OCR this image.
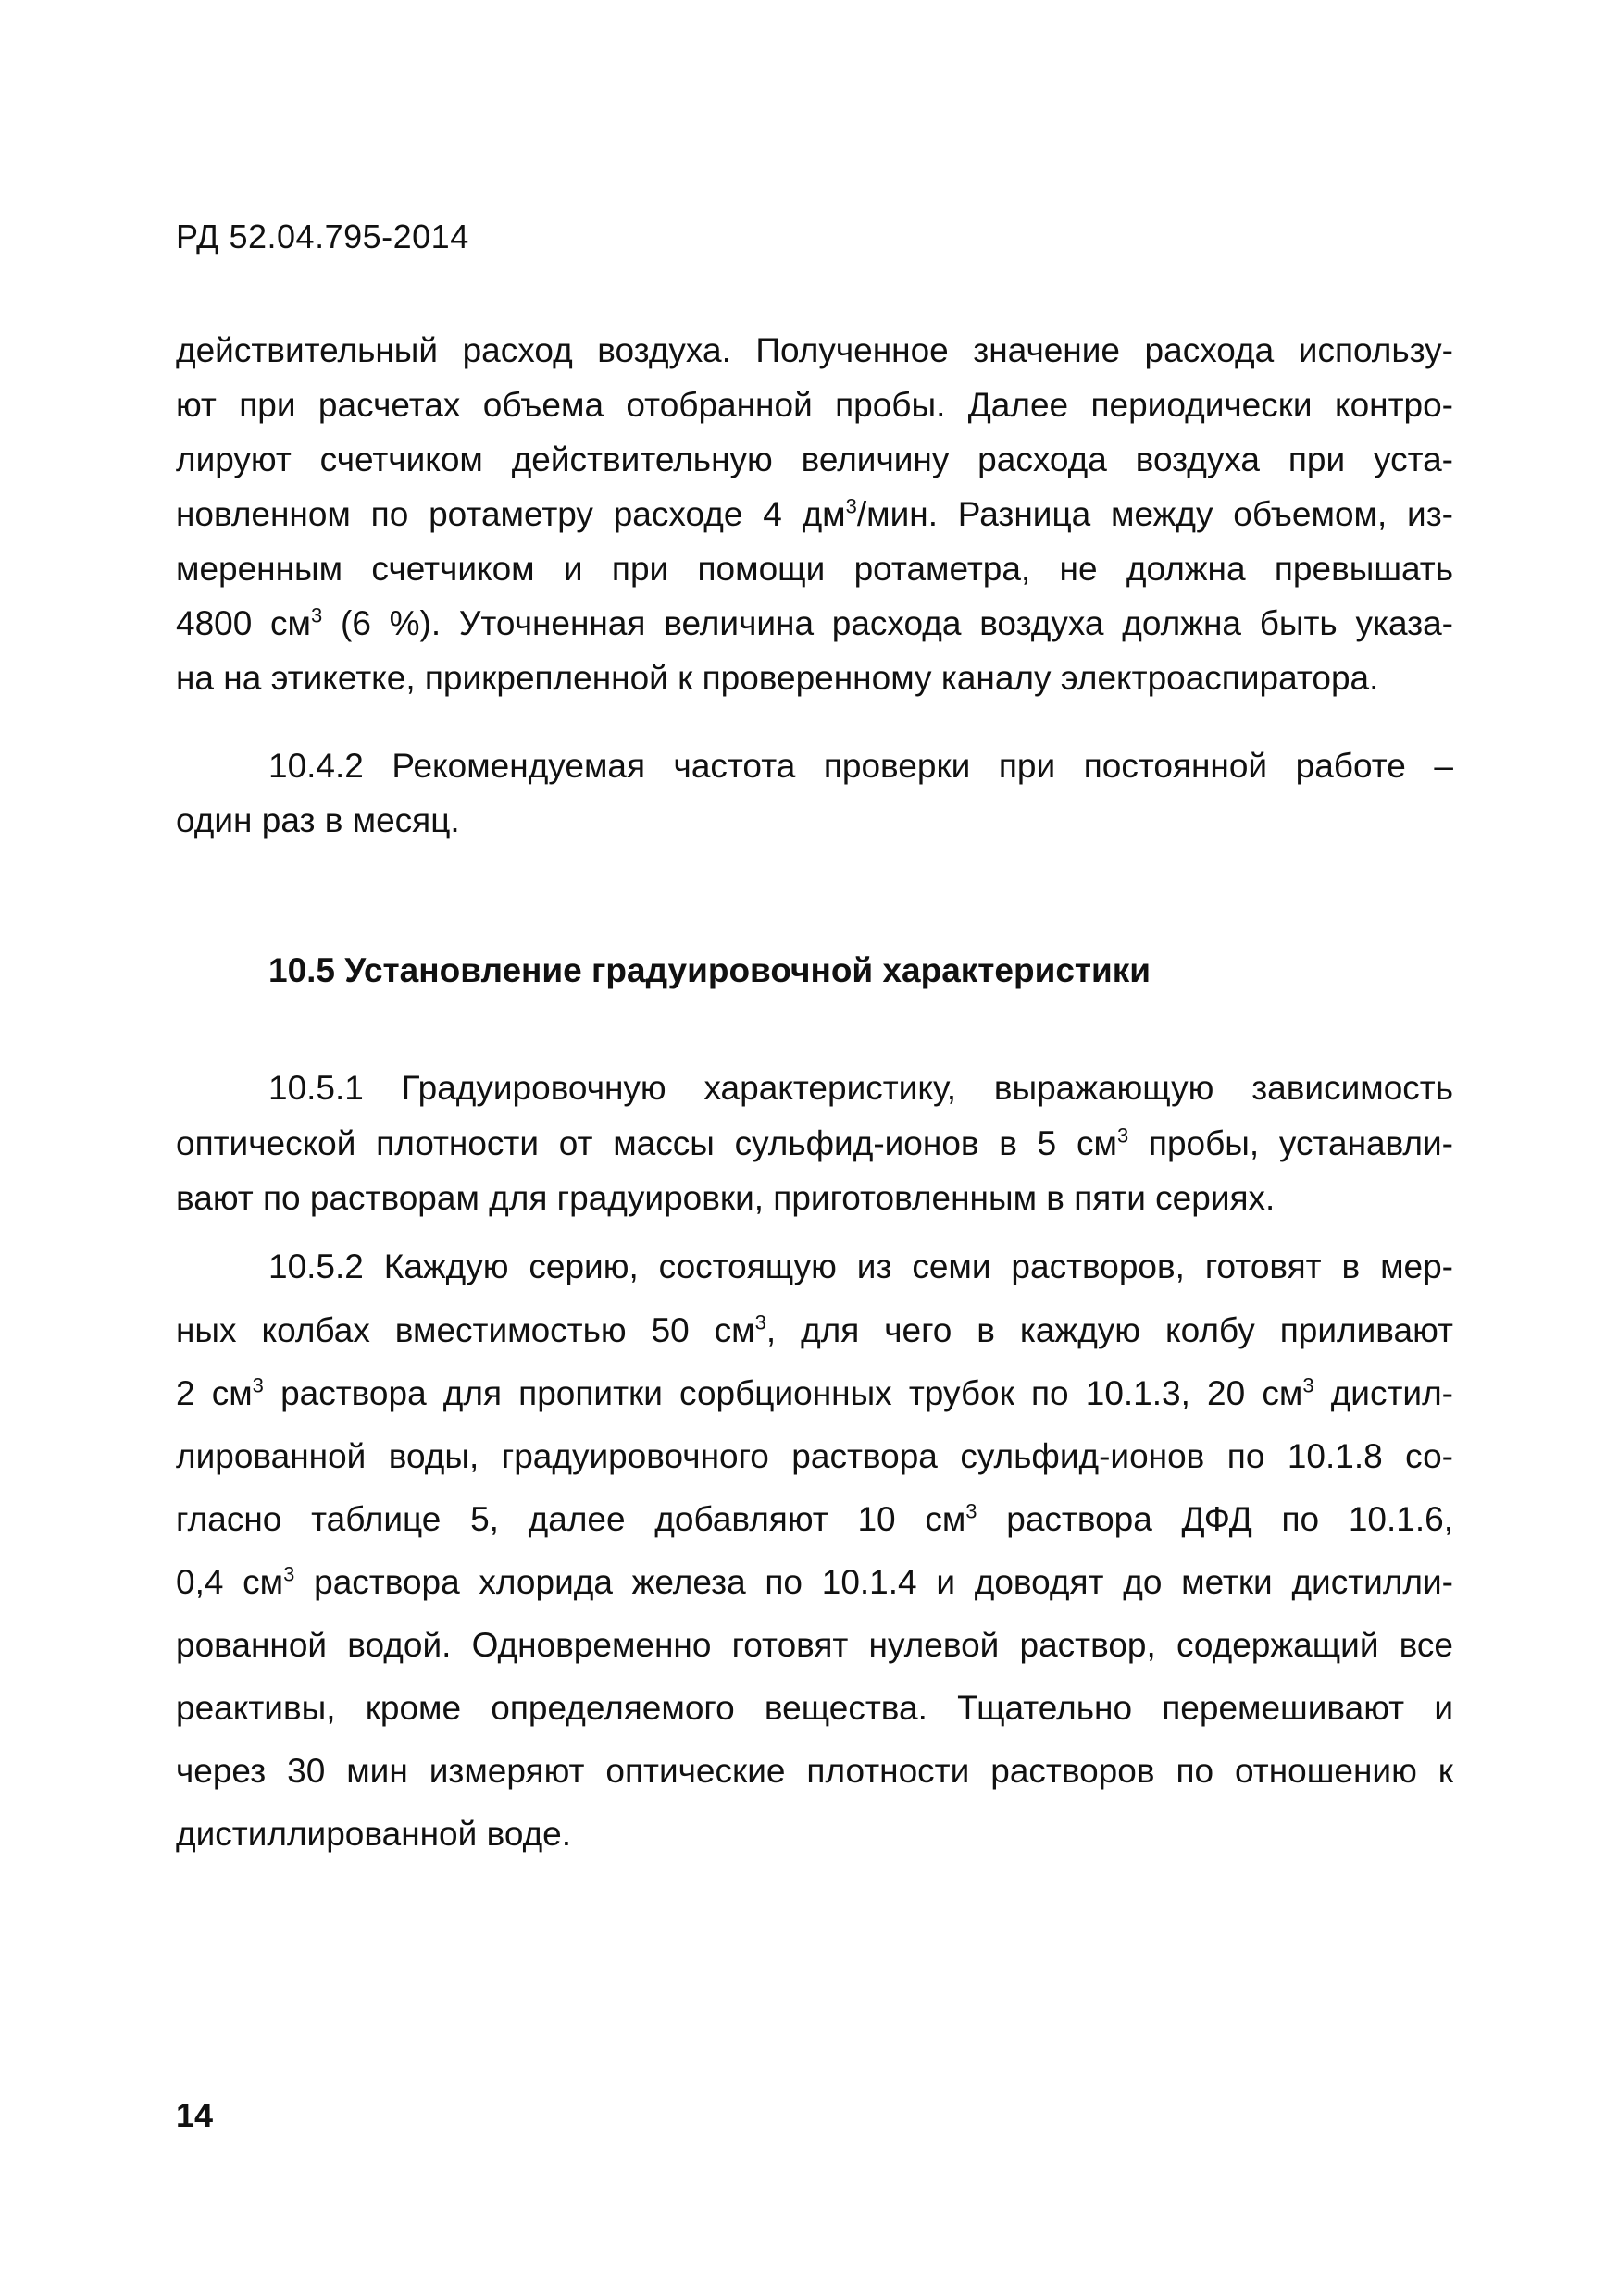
РД 52.04.795-2014
действительный расход воздуха. Полученное значение расхода использу-
ют при расчетах объема отобранной пробы. Далее периодически контро-
лируют счетчиком действительную величину расхода воздуха при уста-
новленном по ротаметру расходе 4 $дм^3$/мин. Разница между объемом, из-
меренным счетчиком и при помощи ротаметра, не должна превышать
4800 $см^3$ (6 %). Уточненная величина расхода воздуха должна быть указа-
на на этикетке, прикрепленной к проверенному каналу электроаспиратора.
10.4.2 Рекомендуемая частота проверки при постоянной работе –
один раз в месяц.
10.5 Установление градуировочной характеристики
10.5.1 Градуировочную характеристику, выражающую зависимость
оптической плотности от массы сульфид-ионов в 5 $см^3$ пробы, устанавли-
вают по растворам для градуировки, приготовленным в пяти сериях.
10.5.2 Каждую серию, состоящую из семи растворов, готовят в мер-
ных колбах вместимостью 50 $см^3$, для чего в каждую колбу приливают
2 $см^3$ раствора для пропитки сорбционных трубок по 10.1.3, 20 $см^3$ дистил-
лированной воды, градуировочного раствора сульфид-ионов по 10.1.8 со-
гласно таблице 5, далее добавляют 10 $см^3$ раствора ДФД по 10.1.6,
0,4 $см^3$ раствора хлорида железа по 10.1.4 и доводят до метки дистилли-
рованной водой. Одновременно готовят нулевой раствор, содержащий все
реактивы, кроме определяемого вещества. Тщательно перемешивают и
через 30 мин измеряют оптические плотности растворов по отношению к
дистиллированной воде.
14
